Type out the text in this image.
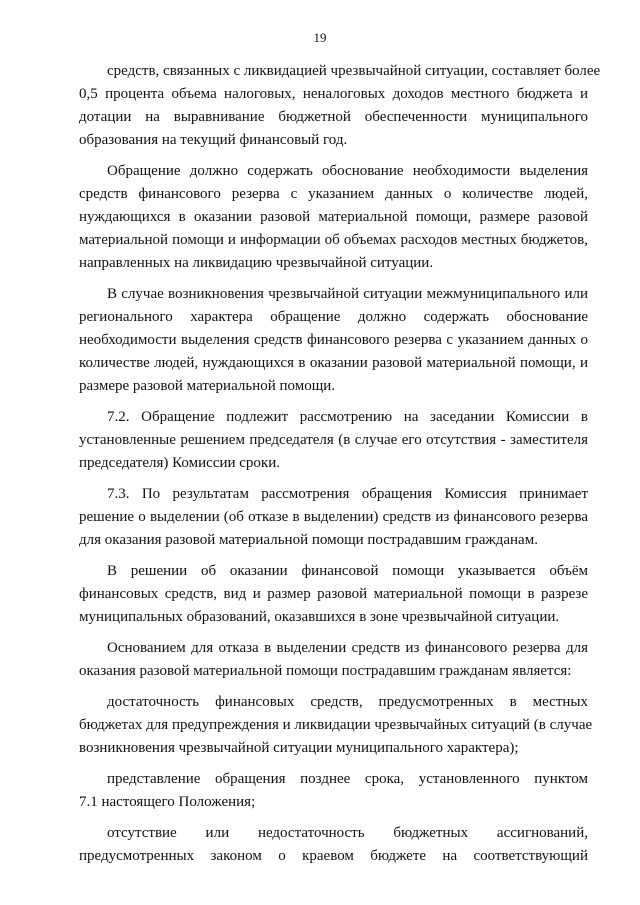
19
средств, связанных с ликвидацией чрезвычайной ситуации, составляет более
0,5 процента объема налоговых, неналоговых доходов местного бюджета и
дотации на выравнивание бюджетной обеспеченности муниципального
образования на текущий финансовый год.
Обращение должно содержать обоснование необходимости выделения
средств финансового резерва с указанием данных о количестве людей,
нуждающихся в оказании разовой материальной помощи, размере разовой
материальной помощи и информации об объемах расходов местных бюджетов,
направленных на ликвидацию чрезвычайной ситуации.
В случае возникновения чрезвычайной ситуации межмуниципального или
регионального характера обращение должно содержать обоснование
необходимости выделения средств финансового резерва с указанием данных о
количестве людей, нуждающихся в оказании разовой материальной помощи, и
размере разовой материальной помощи.
7.2. Обращение подлежит рассмотрению на заседании Комиссии в
установленные решением председателя (в случае его отсутствия - заместителя
председателя) Комиссии сроки.
7.3. По результатам рассмотрения обращения Комиссия принимает
решение о выделении (об отказе в выделении) средств из финансового резерва
для оказания разовой материальной помощи пострадавшим гражданам.
В решении об оказании финансовой помощи указывается объём
финансовых средств, вид и размер разовой материальной помощи в разрезе
муниципальных образований, оказавшихся в зоне чрезвычайной ситуации.
Основанием для отказа в выделении средств из финансового резерва для
оказания разовой материальной помощи пострадавшим гражданам является:
достаточность финансовых средств, предусмотренных в местных
бюджетах для предупреждения и ликвидации чрезвычайных ситуаций (в случае
возникновения чрезвычайной ситуации муниципального характера);
представление обращения позднее срока, установленного пунктом
7.1 настоящего Положения;
отсутствие или недостаточность бюджетных ассигнований,
предусмотренных законом о краевом бюджете на соответствующий
